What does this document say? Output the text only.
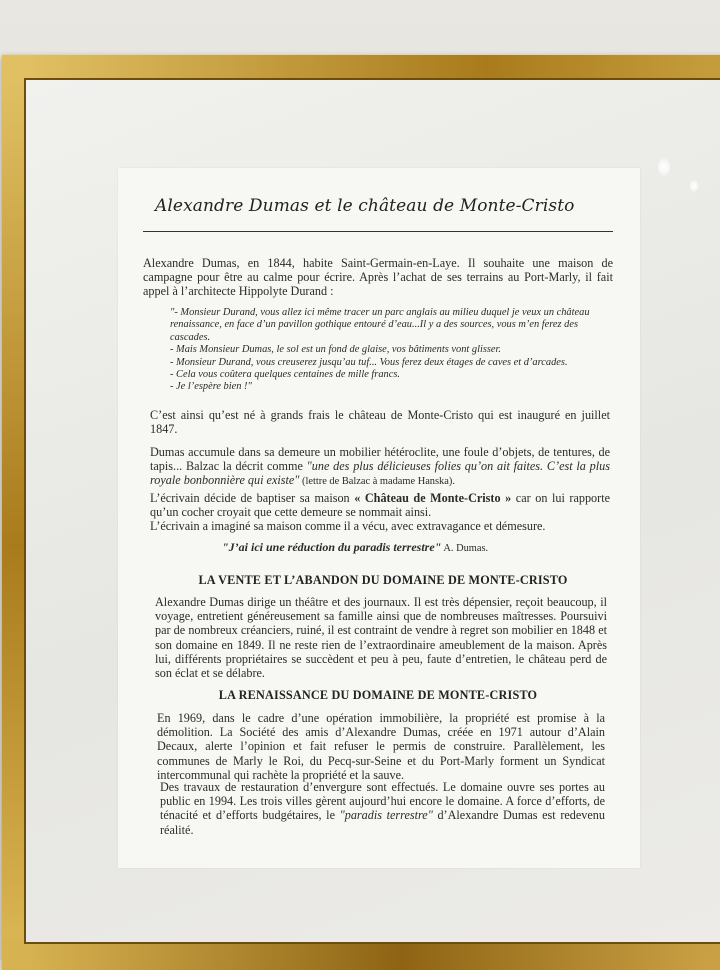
Alexandre Dumas et le château de Monte-Cristo

Alexandre Dumas, en 1844, habite Saint-Germain-en-Laye. Il souhaite une maison de campagne pour être au calme pour écrire. Après l’achat de ses terrains au Port-Marly, il fait appel à l’architecte Hippolyte Durand :

"- Monsieur Durand, vous allez ici même tracer un parc anglais au milieu duquel je veux un château renaissance, en face d’un pavillon gothique entouré d’eau...Il y a des sources, vous m’en ferez des cascades.
- Mais Monsieur Dumas, le sol est un fond de glaise, vos bâtiments vont glisser.
- Monsieur Durand, vous creuserez jusqu’au tuf... Vous ferez deux étages de caves et d’arcades.
- Cela vous coûtera quelques centaines de mille francs.
- Je l’espère bien !"

C’est ainsi qu’est né à grands frais le château de Monte-Cristo qui est inauguré en juillet 1847.

Dumas accumule dans sa demeure un mobilier hétéroclite, une foule d’objets, de tentures, de tapis... Balzac la décrit comme "une des plus délicieuses folies qu’on ait faites. C’est la plus royale bonbonnière qui existe" (lettre de Balzac à madame Hanska).

L’écrivain décide de baptiser sa maison « Château de Monte-Cristo » car on lui rapporte qu’un cocher croyait que cette demeure se nommait ainsi.

L’écrivain a imaginé sa maison comme il a vécu, avec extravagance et démesure.

"J’ai ici une réduction du paradis terrestre" A. Dumas.
LA VENTE ET L’ABANDON DU DOMAINE DE MONTE-CRISTO

Alexandre Dumas dirige un théâtre et des journaux. Il est très dépensier, reçoit beaucoup, il voyage, entretient généreusement sa famille ainsi que de nombreuses maîtresses. Poursuivi par de nombreux créanciers, ruiné, il est contraint de vendre à regret son mobilier en 1848 et son domaine en 1849. Il ne reste rien de l’extraordinaire ameublement de la maison. Après lui, différents propriétaires se succèdent et peu à peu, faute d’entretien, le château perd de son éclat et se délabre.

LA RENAISSANCE DU DOMAINE DE MONTE-CRISTO

En 1969, dans le cadre d’une opération immobilière, la propriété est promise à la démolition. La Société des amis d’Alexandre Dumas, créée en 1971 autour d’Alain Decaux, alerte l’opinion et fait refuser le permis de construire. Parallèlement, les communes de Marly le Roi, du Pecq-sur-Seine et du Port-Marly forment un Syndicat intercommunal qui rachète la propriété et la sauve.

Des travaux de restauration d’envergure sont effectués. Le domaine ouvre ses portes au public en 1994. Les trois villes gèrent aujourd’hui encore le domaine. A force d’efforts, de ténacité et d’efforts budgétaires, le "paradis terrestre" d’Alexandre Dumas est redevenu réalité.
